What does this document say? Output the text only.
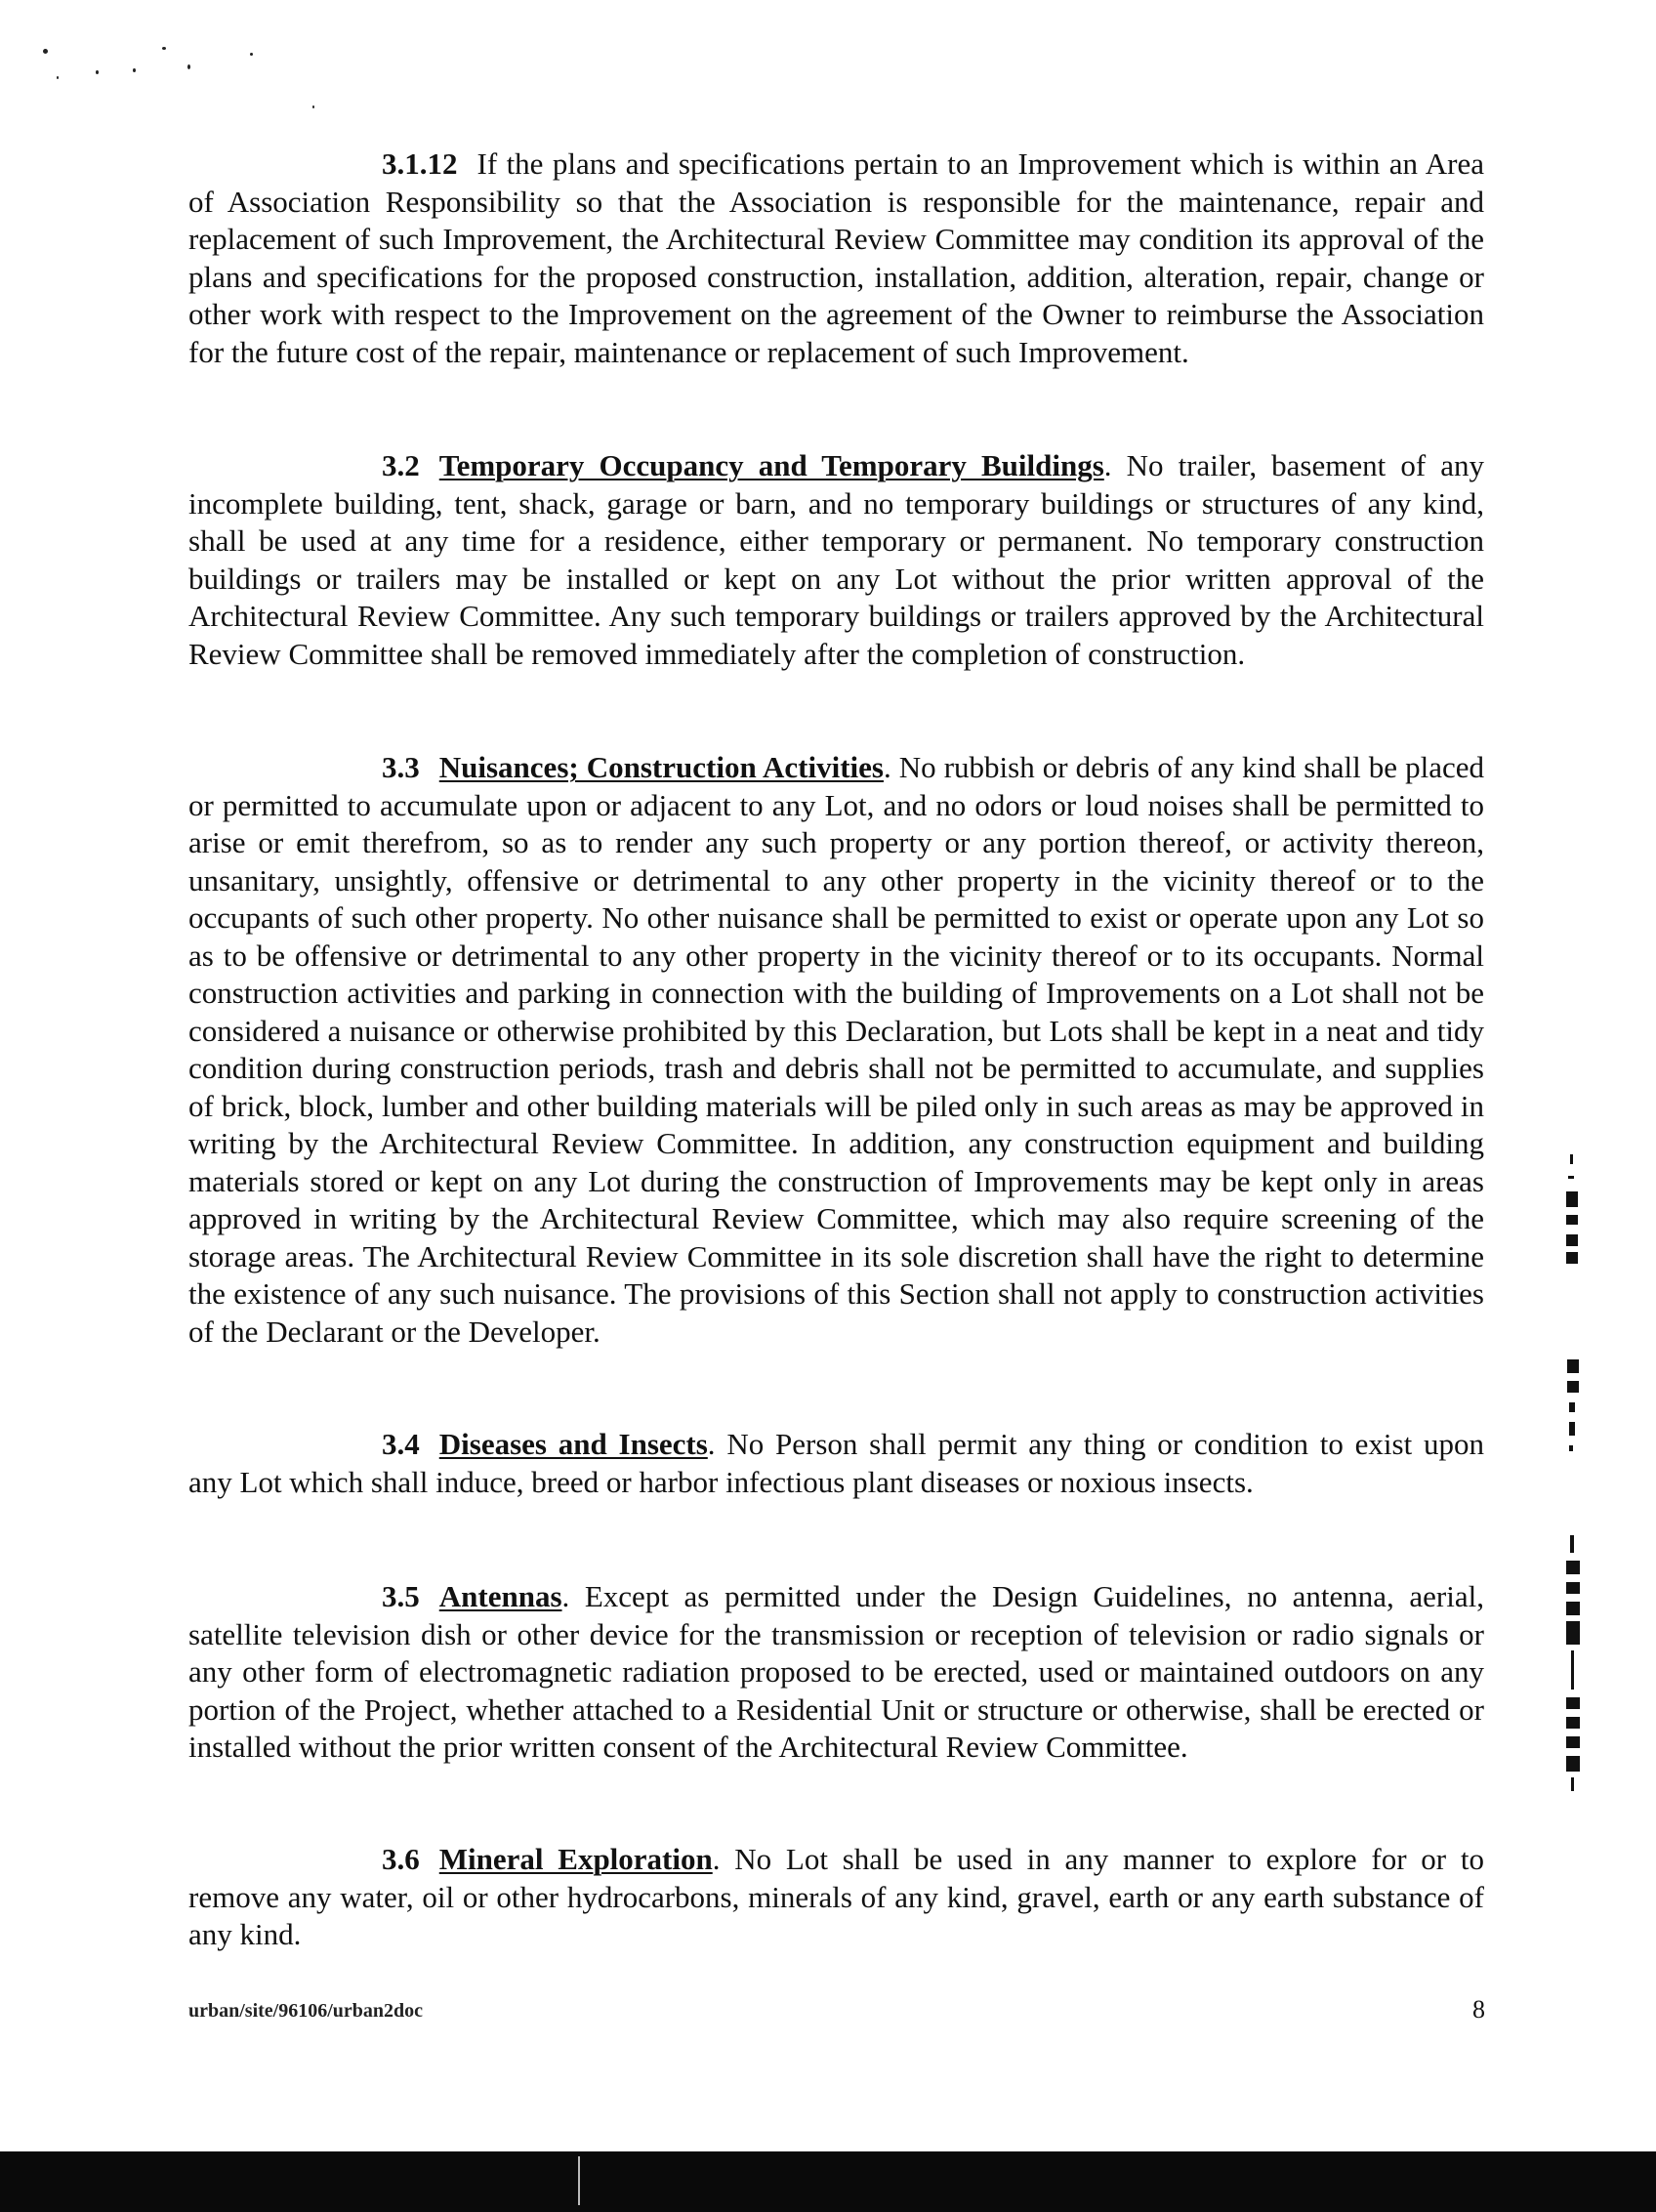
3.1.12 If the plans and specifications pertain to an Improvement which is within an Area of Association Responsibility so that the Association is responsible for the maintenance, repair and replacement of such Improvement, the Architectural Review Committee may condition its approval of the plans and specifications for the proposed construction, installation, addition, alteration, repair, change or other work with respect to the Improvement on the agreement of the Owner to reimburse the Association for the future cost of the repair, maintenance or replacement of such Improvement.

3.2 Temporary Occupancy and Temporary Buildings. No trailer, basement of any incomplete building, tent, shack, garage or barn, and no temporary buildings or structures of any kind, shall be used at any time for a residence, either temporary or permanent. No temporary construction buildings or trailers may be installed or kept on any Lot without the prior written approval of the Architectural Review Committee. Any such temporary buildings or trailers approved by the Architectural Review Committee shall be removed immediately after the completion of construction.

3.3 Nuisances; Construction Activities. No rubbish or debris of any kind shall be placed or permitted to accumulate upon or adjacent to any Lot, and no odors or loud noises shall be permitted to arise or emit therefrom, so as to render any such property or any portion thereof, or activity thereon, unsanitary, unsightly, offensive or detrimental to any other property in the vicinity thereof or to the occupants of such other property. No other nuisance shall be permitted to exist or operate upon any Lot so as to be offensive or detrimental to any other property in the vicinity thereof or to its occupants. Normal construction activities and parking in connection with the building of Improvements on a Lot shall not be considered a nuisance or otherwise prohibited by this Declaration, but Lots shall be kept in a neat and tidy condition during construction periods, trash and debris shall not be permitted to accumulate, and supplies of brick, block, lumber and other building materials will be piled only in such areas as may be approved in writing by the Architectural Review Committee. In addition, any construction equipment and building materials stored or kept on any Lot during the construction of Improvements may be kept only in areas approved in writing by the Architectural Review Committee, which may also require screening of the storage areas. The Architectural Review Committee in its sole discretion shall have the right to determine the existence of any such nuisance. The provisions of this Section shall not apply to construction activities of the Declarant or the Developer.

3.4 Diseases and Insects. No Person shall permit any thing or condition to exist upon any Lot which shall induce, breed or harbor infectious plant diseases or noxious insects.

3.5 Antennas. Except as permitted under the Design Guidelines, no antenna, aerial, satellite television dish or other device for the transmission or reception of television or radio signals or any other form of electromagnetic radiation proposed to be erected, used or maintained outdoors on any portion of the Project, whether attached to a Residential Unit or structure or otherwise, shall be erected or installed without the prior written consent of the Architectural Review Committee.

3.6 Mineral Exploration. No Lot shall be used in any manner to explore for or to remove any water, oil or other hydrocarbons, minerals of any kind, gravel, earth or any earth substance of any kind.

urban/site/96106/urban2doc	8
